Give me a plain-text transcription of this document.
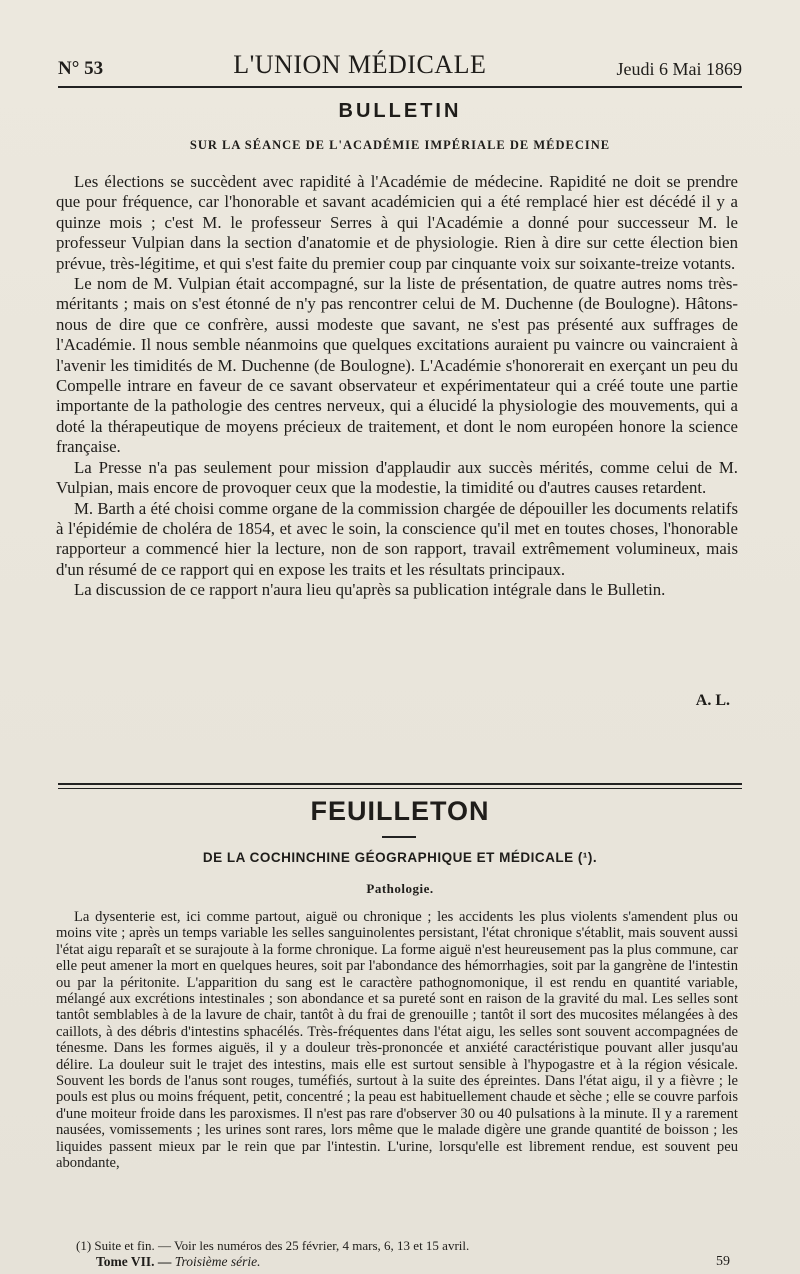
N° 53	L'UNION MÉDICALE	Jeudi 6 Mai 1869
BULLETIN
SUR LA SÉANCE DE L'ACADÉMIE IMPÉRIALE DE MÉDECINE

Les élections se succèdent avec rapidité à l'Académie de médecine. Rapidité ne doit se prendre que pour fréquence, car l'honorable et savant académicien qui a été remplacé hier est décédé il y a quinze mois ; c'est M. le professeur Serres à qui l'Académie a donné pour successeur M. le professeur Vulpian dans la section d'anatomie et de physiologie. Rien à dire sur cette élection bien prévue, très-légitime, et qui s'est faite du premier coup par cinquante voix sur soixante-treize votants.

Le nom de M. Vulpian était accompagné, sur la liste de présentation, de quatre autres noms très-méritants ; mais on s'est étonné de n'y pas rencontrer celui de M. Duchenne (de Boulogne). Hâtons-nous de dire que ce confrère, aussi modeste que savant, ne s'est pas présenté aux suffrages de l'Académie. Il nous semble néanmoins que quelques excitations auraient pu vaincre ou vaincraient à l'avenir les timidités de M. Duchenne (de Boulogne). L'Académie s'honorerait en exerçant un peu du Compelle intrare en faveur de ce savant observateur et expérimentateur qui a créé toute une partie importante de la pathologie des centres nerveux, qui a élucidé la physiologie des mouvements, qui a doté la thérapeutique de moyens précieux de traitement, et dont le nom européen honore la science française.

La Presse n'a pas seulement pour mission d'applaudir aux succès mérités, comme celui de M. Vulpian, mais encore de provoquer ceux que la modestie, la timidité ou d'autres causes retardent.

M. Barth a été choisi comme organe de la commission chargée de dépouiller les documents relatifs à l'épidémie de choléra de 1854, et avec le soin, la conscience qu'il met en toutes choses, l'honorable rapporteur a commencé hier la lecture, non de son rapport, travail extrêmement volumineux, mais d'un résumé de ce rapport qui en expose les traits et les résultats principaux.

La discussion de ce rapport n'aura lieu qu'après sa publication intégrale dans le Bulletin.

A. L.
FEUILLETON
DE LA COCHINCHINE GÉOGRAPHIQUE ET MÉDICALE (¹).
Pathologie.

La dysenterie est, ici comme partout, aiguë ou chronique ; les accidents les plus violents s'amendent plus ou moins vite ; après un temps variable les selles sanguinolentes persistant, l'état chronique s'établit, mais souvent aussi l'état aigu reparaît et se surajoute à la forme chronique. La forme aiguë n'est heureusement pas la plus commune, car elle peut amener la mort en quelques heures, soit par l'abondance des hémorrhagies, soit par la gangrène de l'intestin ou par la péritonite. L'apparition du sang est le caractère pathognomonique, il est rendu en quantité variable, mélangé aux excrétions intestinales ; son abondance et sa pureté sont en raison de la gravité du mal. Les selles sont tantôt semblables à de la lavure de chair, tantôt à du frai de grenouille ; tantôt il sort des mucosites mélangées à des caillots, à des débris d'intestins sphacélés. Très-fréquentes dans l'état aigu, les selles sont souvent accompagnées de ténesme. Dans les formes aiguës, il y a douleur très-prononcée et anxiété caractéristique pouvant aller jusqu'au délire. La douleur suit le trajet des intestins, mais elle est surtout sensible à l'hypogastre et à la région vésicale. Souvent les bords de l'anus sont rouges, tuméfiés, surtout à la suite des épreintes. Dans l'état aigu, il y a fièvre ; le pouls est plus ou moins fréquent, petit, concentré ; la peau est habituellement chaude et sèche ; elle se couvre parfois d'une moiteur froide dans les paroxismes. Il n'est pas rare d'observer 30 ou 40 pulsations à la minute. Il y a rarement nausées, vomissements ; les urines sont rares, lors même que le malade digère une grande quantité de boisson ; les liquides passent mieux par le rein que par l'intestin. L'urine, lorsqu'elle est librement rendue, est souvent peu abondante,

(1) Suite et fin. — Voir les numéros des 25 février, 4 mars, 6, 13 et 15 avril.
Tome VII. — Troisième série.	59
